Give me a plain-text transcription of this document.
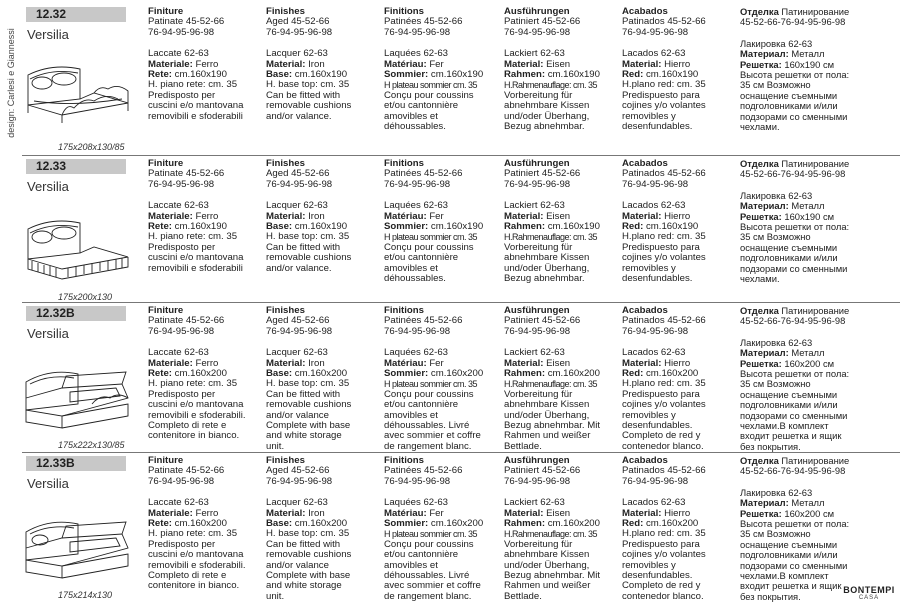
design: Carlesi e Giannessi
12.32
Versilia
175x208x130/85
Finiture
Patinate 45-52-66
76-94-95-96-98
Laccate 62-63
Materiale: Ferro
Rete: cm.160x190
H. piano rete: cm. 35
Predisposto per
cuscini e/o mantovana
removibili e sfoderabili
Finishes
Aged 45-52-66
76-94-95-96-98
Lacquer 62-63
Material: Iron
Base: cm.160x190
H. base top: cm. 35
Can be fitted with
removable cushions
and/or valance.
Finitions
Patinées 45-52-66
76-94-95-96-98
Laquées 62-63
Matériau: Fer
Sommier: cm.160x190
H plateau sommier cm. 35
Conçu pour coussins
et/ou cantonnière
amovibles et
déhoussables.
Ausführungen
Patiniert 45-52-66
76-94-95-96-98
Lackiert 62-63
Material: Eisen
Rahmen: cm.160x190
H.Rahmenauflage: cm. 35
Vorbereitung für
abnehmbare Kissen
und/oder Überhang,
Bezug abnehmbar.
Acabados
Patinados 45-52-66
76-94-95-96-98
Lacados 62-63
Material: Hierro
Red: cm.160x190
H.plano red: cm. 35
Predispuesto para
cojines y/o volantes
removibles y
desenfundables.
Отделка Патинирование
45-52-66-76-94-95-96-98
Лакировка 62-63
Материал: Металл
Решетка: 160x190 см
Высота решетки от пола:
35 см Возможно
оснащение съемными
подголовниками и/или
подзорами со сменными
чехлами.
12.33
Versilia
175x200x130
Finiture
Patinate 45-52-66
76-94-95-96-98
Laccate 62-63
Materiale: Ferro
Rete: cm.160x190
H. piano rete: cm. 35
Predisposto per
cuscini e/o mantovana
removibili e sfoderabili
Finishes
Aged 45-52-66
76-94-95-96-98
Lacquer 62-63
Material: Iron
Base: cm.160x190
H. base top: cm. 35
Can be fitted with
removable cushions
and/or valance.
Finitions
Patinées 45-52-66
76-94-95-96-98
Laquées 62-63
Matériau: Fer
Sommier: cm.160x190
H plateau sommier cm. 35
Conçu pour coussins
et/ou cantonnière
amovibles et
déhoussables.
Ausführungen
Patiniert 45-52-66
76-94-95-96-98
Lackiert 62-63
Material: Eisen
Rahmen: cm.160x190
H.Rahmenauflage: cm. 35
Vorbereitung für
abnehmbare Kissen
und/oder Überhang,
Bezug abnehmbar.
Acabados
Patinados 45-52-66
76-94-95-96-98
Lacados 62-63
Material: Hierro
Red: cm.160x190
H.plano red: cm. 35
Predispuesto para
cojines y/o volantes
removibles y
desenfundables.
Отделка Патинирование
45-52-66-76-94-95-96-98
Лакировка 62-63
Материал: Металл
Решетка: 160x190 см
Высота решетки от пола:
35 см Возможно
оснащение съемными
подголовниками и/или
подзорами со сменными
чехлами.
12.32B
Versilia
175x222x130/85
Finiture
Patinate 45-52-66
76-94-95-96-98
Laccate 62-63
Materiale: Ferro
Rete: cm.160x200
H. piano rete: cm. 35
Predisposto per
cuscini e/o mantovana
removibili e sfoderabili.
Completo di rete e
contenitore in bianco.
Finishes
Aged 45-52-66
76-94-95-96-98
Lacquer 62-63
Material: Iron
Base: cm.160x200
H. base top: cm. 35
Can be fitted with
removable cushions
and/or valance
Complete with base
and white storage
unit.
Finitions
Patinées 45-52-66
76-94-95-96-98
Laquées 62-63
Matériau: Fer
Sommier: cm.160x200
H plateau sommier cm. 35
Conçu pour coussins
et/ou cantonnière
amovibles et
déhoussables. Livré
avec sommier et coffre
de rangement blanc.
Ausführungen
Patiniert 45-52-66
76-94-95-96-98
Lackiert 62-63
Material: Eisen
Rahmen: cm.160x200
H.Rahmenauflage: cm. 35
Vorbereitung für
abnehmbare Kissen
und/oder Überhang,
Bezug abnehmbar. Mit
Rahmen und weißer
Bettlade.
Acabados
Patinados 45-52-66
76-94-95-96-98
Lacados 62-63
Material: Hierro
Red: cm.160x200
H.plano red: cm. 35
Predispuesto para
cojines y/o volantes
removibles y
desenfundables.
Completo de red y
contenedor blanco.
Отделка Патинирование
45-52-66-76-94-95-96-98
Лакировка 62-63
Материал: Металл
Решетка: 160x200 см
Высота решетки от пола:
35 см Возможно
оснащение съемными
подголовниками и/или
подзорами со сменными
чехлами.В комплект
входит решетка и ящик
без покрытия.
12.33B
Versilia
175x214x130
Finiture
Patinate 45-52-66
76-94-95-96-98
Laccate 62-63
Materiale: Ferro
Rete: cm.160x200
H. piano rete: cm. 35
Predisposto per
cuscini e/o mantovana
removibili e sfoderabili.
Completo di rete e
contenitore in bianco.
Finishes
Aged 45-52-66
76-94-95-96-98
Lacquer 62-63
Material: Iron
Base: cm.160x200
H. base top: cm. 35
Can be fitted with
removable cushions
and/or valance
Complete with base
and white storage
unit.
Finitions
Patinées 45-52-66
76-94-95-96-98
Laquées 62-63
Matériau: Fer
Sommier: cm.160x200
H plateau sommier cm. 35
Conçu pour coussins
et/ou cantonnière
amovibles et
déhoussables. Livré
avec sommier et coffre
de rangement blanc.
Ausführungen
Patiniert 45-52-66
76-94-95-96-98
Lackiert 62-63
Material: Eisen
Rahmen: cm.160x200
H.Rahmenauflage: cm. 35
Vorbereitung für
abnehmbare Kissen
und/oder Überhang,
Bezug abnehmbar. Mit
Rahmen und weißer
Bettlade.
Acabados
Patinados 45-52-66
76-94-95-96-98
Lacados 62-63
Material: Hierro
Red: cm.160x200
H.plano red: cm. 35
Predispuesto para
cojines y/o volantes
removibles y
desenfundables.
Completo de red y
contenedor blanco.
Отделка Патинирование
45-52-66-76-94-95-96-98
Лакировка 62-63
Материал: Металл
Решетка: 160x200 см
Высота решетки от пола:
35 см Возможно
оснащение съемными
подголовниками и/или
подзорами со сменными
чехлами.В комплект
входит решетка и ящик
без покрытия.
BONTEMPI
CASA
